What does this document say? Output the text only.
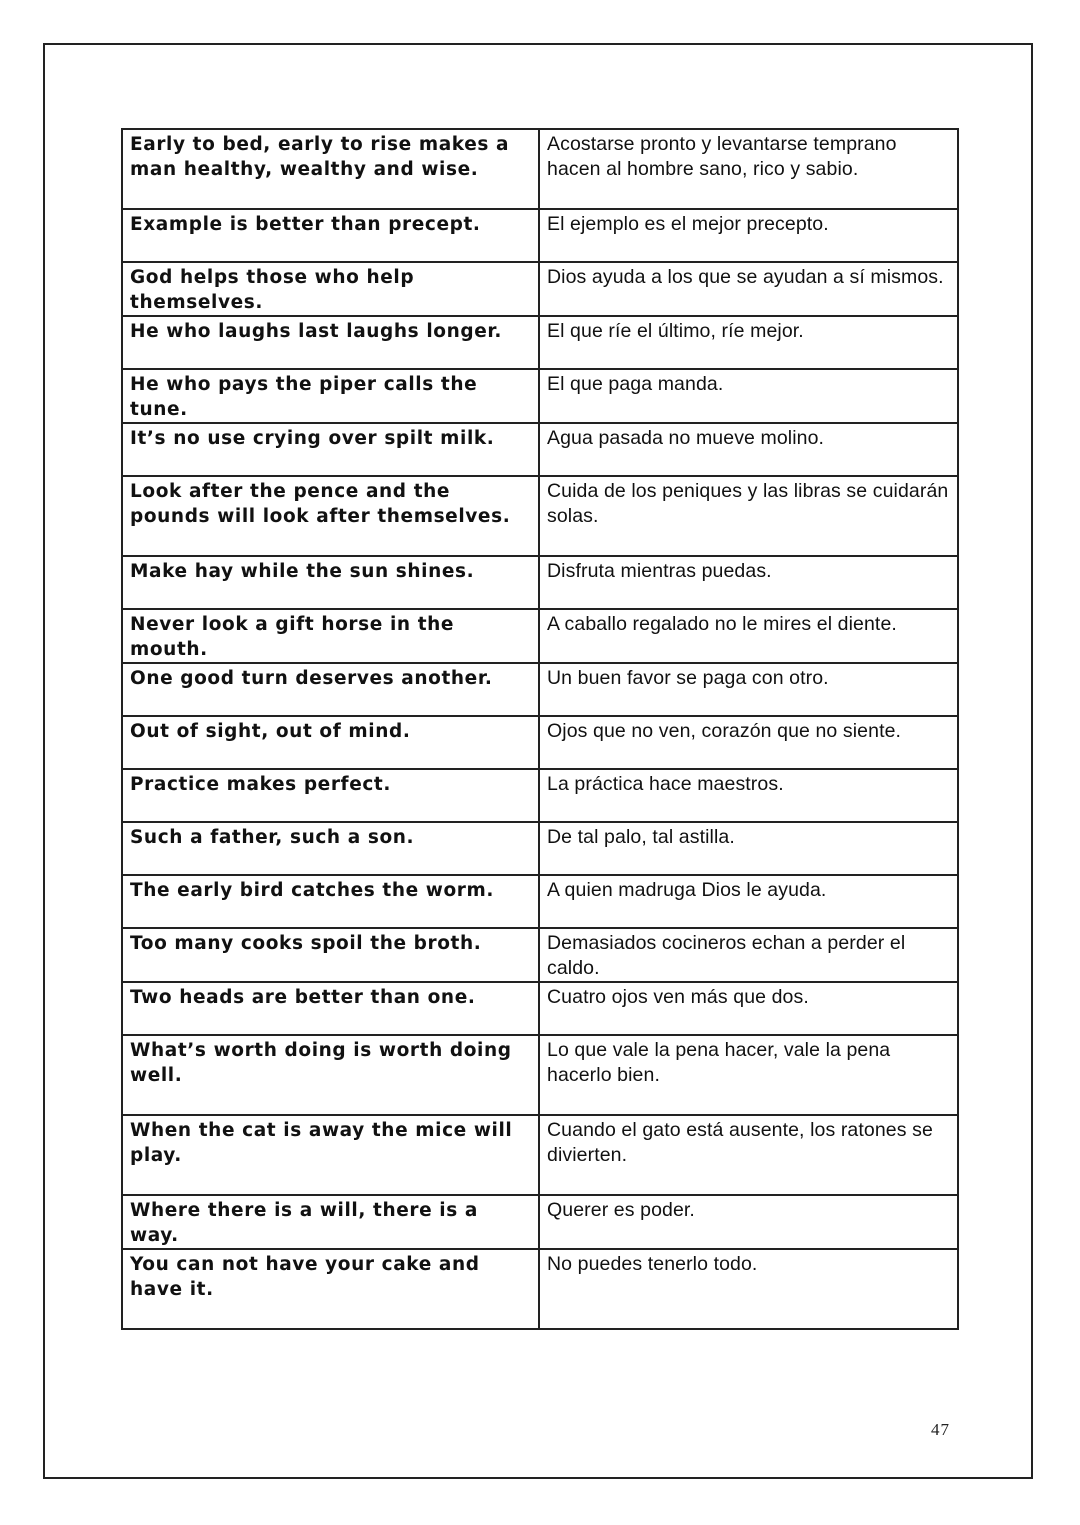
Early to bed, early to rise makes a man healthy, wealthy and wise.	Acostarse pronto y levantarse temprano hacen al hombre sano, rico y sabio.
Example is better than precept.	El ejemplo es el mejor precepto.
God helps those who help themselves.	Dios ayuda a los que se ayudan a sí mismos.
He who laughs last laughs longer.	El que ríe el último, ríe mejor.
He who pays the piper calls the tune.	El que paga manda.
It’s no use crying over spilt milk.	Agua pasada no mueve molino.
Look after the pence and the pounds will look after themselves.	Cuida de los peniques y las libras se cuidarán solas.
Make hay while the sun shines.	Disfruta mientras puedas.
Never look a gift horse in the mouth.	A caballo regalado no le mires el diente.
One good turn deserves another.	Un buen favor se paga con otro.
Out of sight, out of mind.	Ojos que no ven, corazón que no siente.
Practice makes perfect.	La práctica hace maestros.
Such a father, such a son.	De tal palo, tal astilla.
The early bird catches the worm.	A quien madruga Dios le ayuda.
Too many cooks spoil the broth.	Demasiados cocineros echan a perder el caldo.
Two heads are better than one.	Cuatro ojos ven más que dos.
What’s worth doing is worth doing well.	Lo que vale la pena hacer, vale la pena hacerlo bien.
When the cat is away the mice will play.	Cuando el gato está ausente, los ratones se divierten.
Where there is a will, there is a way.	Querer es poder.
You can not have your cake and have it.	No puedes tenerlo todo.
47
